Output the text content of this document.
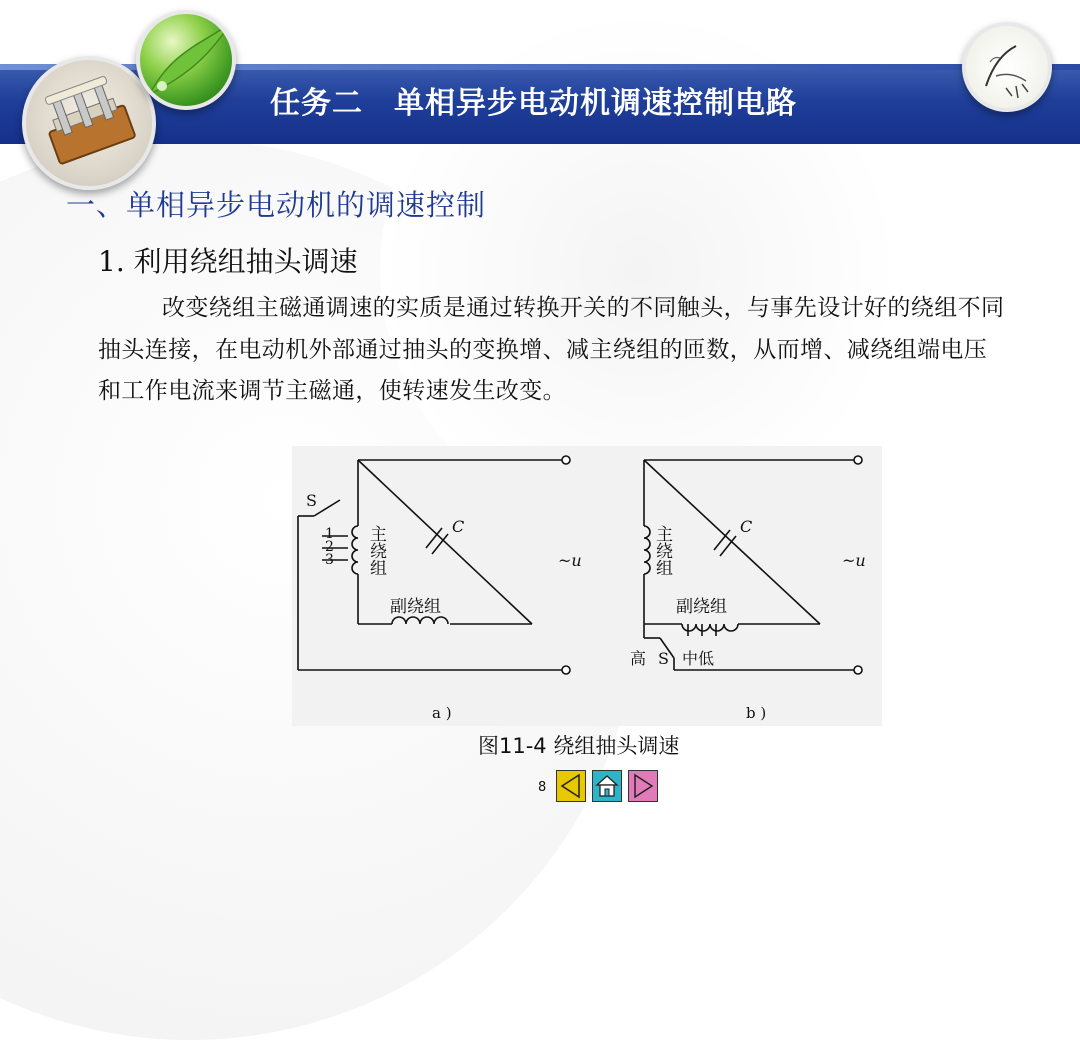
任务二　单相异步电动机调速控制电路
一、单相异步电动机的调速控制
1. 利用绕组抽头调速
改变绕组主磁通调速的实质是通过转换开关的不同触头，与事先设计好的绕组不同抽头连接，在电动机外部通过抽头的变换增、减主绕组的匝数，从而增、减绕组端电压和工作电流来调节主磁通，使转速发生改变。
S
1
2
3
主
绕
组
C
~u
副绕组
a )
主
绕
组
C
~u
副绕组
高 S 中低
b )
图11-4 绕组抽头调速
8
